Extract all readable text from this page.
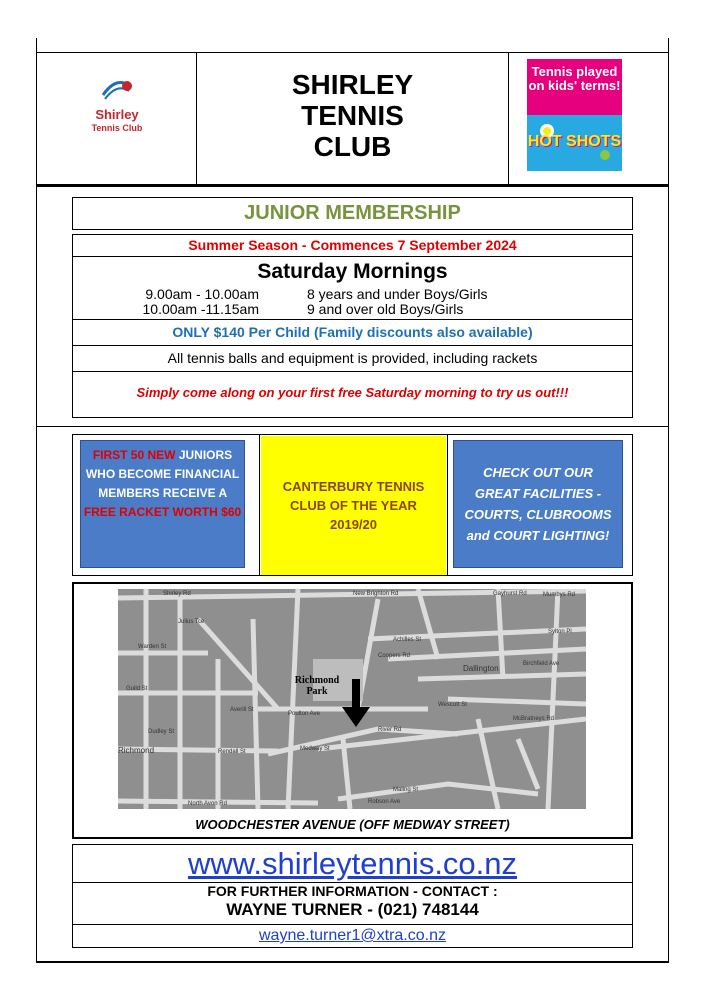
Shirley
Tennis Club
SHIRLEY
TENNIS
CLUB
Tennis played on kids' terms!
HOT SHOTS
JUNIOR MEMBERSHIP
Summer Season - Commences 7 September 2024
Saturday Mornings
9.00am - 10.00am	8 years and under Boys/Girls
10.00am -11.15am	9 and over old Boys/Girls
ONLY $140 Per Child (Family discounts also available)
All tennis balls and equipment is provided, including rackets
Simply come along on your first free Saturday morning to try us out!!!
FIRST 50 NEW JUNIORS WHO BECOME FINANCIAL MEMBERS RECEIVE A FREE RACKET WORTH $60
CANTERBURY TENNIS CLUB OF THE YEAR 2019/20
CHECK OUT OUR GREAT FACILITIES - COURTS, CLUBROOMS and COURT LIGHTING!
Shirley Rd	New Brighton Rd	Gayhurst Rd	Mumbys Rd
Julius Tce
Achilles St
Coopers Rd
Sylton Pl
Warden St
Dallington	Birchfield Ave
Guild St
Averill St
Poulton Ave
Wescott St
McBratneys Rd
Dudley St
Medway St
River Rd
Richmond	Rendall St
Robson Ave
North Avon Rd
Maling St
Richmond Park
WOODCHESTER AVENUE (OFF MEDWAY STREET)
www.shirleytennis.co.nz
FOR FURTHER INFORMATION - CONTACT :
WAYNE TURNER - (021) 748144
wayne.turner1@xtra.co.nz
